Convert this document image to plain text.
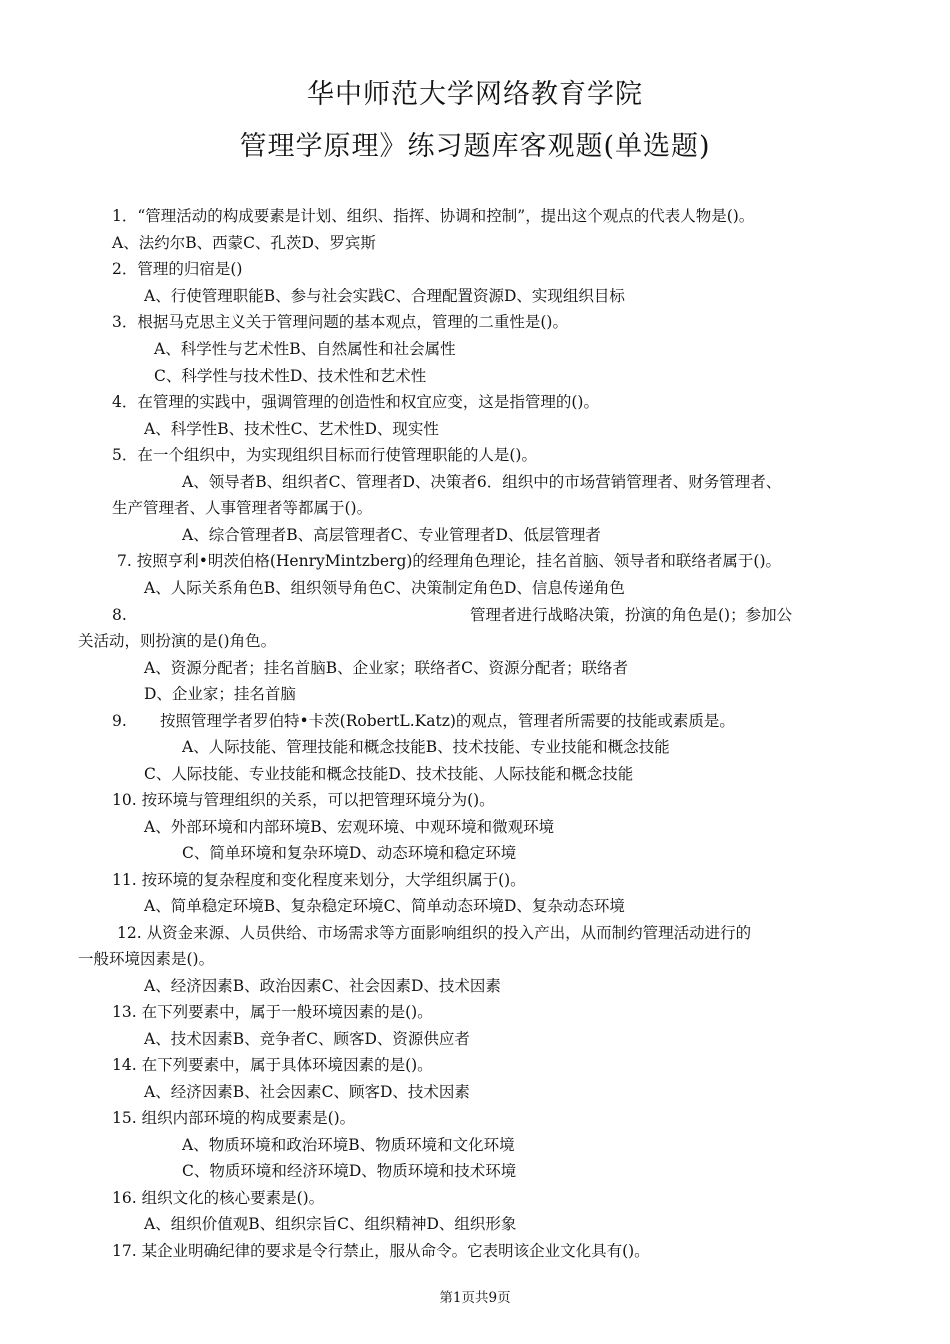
华中师范大学网络教育学院
管理学原理》练习题库客观题(单选题)
1．“管理活动的构成要素是计划、组织、指挥、协调和控制”，提出这个观点的代表人物是()。
A、法约尔B、西蒙C、孔茨D、罗宾斯
2．管理的归宿是()
A、行使管理职能B、参与社会实践C、合理配置资源D、实现组织目标
3．根据马克思主义关于管理问题的基本观点，管理的二重性是()。
A、科学性与艺术性B、自然属性和社会属性
C、科学性与技术性D、技术性和艺术性
4．在管理的实践中，强调管理的创造性和权宜应变，这是指管理的()。
A、科学性B、技术性C、艺术性D、现实性
5．在一个组织中，为实现组织目标而行使管理职能的人是()。
A、领导者B、组织者C、管理者D、决策者6．组织中的市场营销管理者、财务管理者、
生产管理者、人事管理者等都属于()。
A、综合管理者B、高层管理者C、专业管理者D、低层管理者
7. 按照亨利•明茨伯格(HenryMintzberg)的经理角色理论，挂名首脑、领导者和联络者属于()。
A、人际关系角色B、组织领导角色C、决策制定角色D、信息传递角色
8.	管理者进行战略决策，扮演的角色是()；参加公
关活动，则扮演的是()角色。
A、资源分配者；挂名首脑B、企业家；联络者C、资源分配者；联络者
D、企业家；挂名首脑
9. 按照管理学者罗伯特•卡茨(RobertL.Katz)的观点，管理者所需要的技能或素质是。
A、人际技能、管理技能和概念技能B、技术技能、专业技能和概念技能
C、人际技能、专业技能和概念技能D、技术技能、人际技能和概念技能
10. 按环境与管理组织的关系，可以把管理环境分为()。
A、外部环境和内部环境B、宏观环境、中观环境和微观环境
C、简单环境和复杂环境D、动态环境和稳定环境
11. 按环境的复杂程度和变化程度来划分，大学组织属于()。
A、简单稳定环境B、复杂稳定环境C、简单动态环境D、复杂动态环境
12. 从资金来源、人员供给、市场需求等方面影响组织的投入产出，从而制约管理活动进行的
一般环境因素是()。
A、经济因素B、政治因素C、社会因素D、技术因素
13. 在下列要素中，属于一般环境因素的是()。
A、技术因素B、竞争者C、顾客D、资源供应者
14. 在下列要素中，属于具体环境因素的是()。
A、经济因素B、社会因素C、顾客D、技术因素
15. 组织内部环境的构成要素是()。
A、物质环境和政治环境B、物质环境和文化环境
C、物质环境和经济环境D、物质环境和技术环境
16. 组织文化的核心要素是()。
A、组织价值观B、组织宗旨C、组织精神D、组织形象
17. 某企业明确纪律的要求是令行禁止，服从命令。它表明该企业文化具有()。
第1页共9页
